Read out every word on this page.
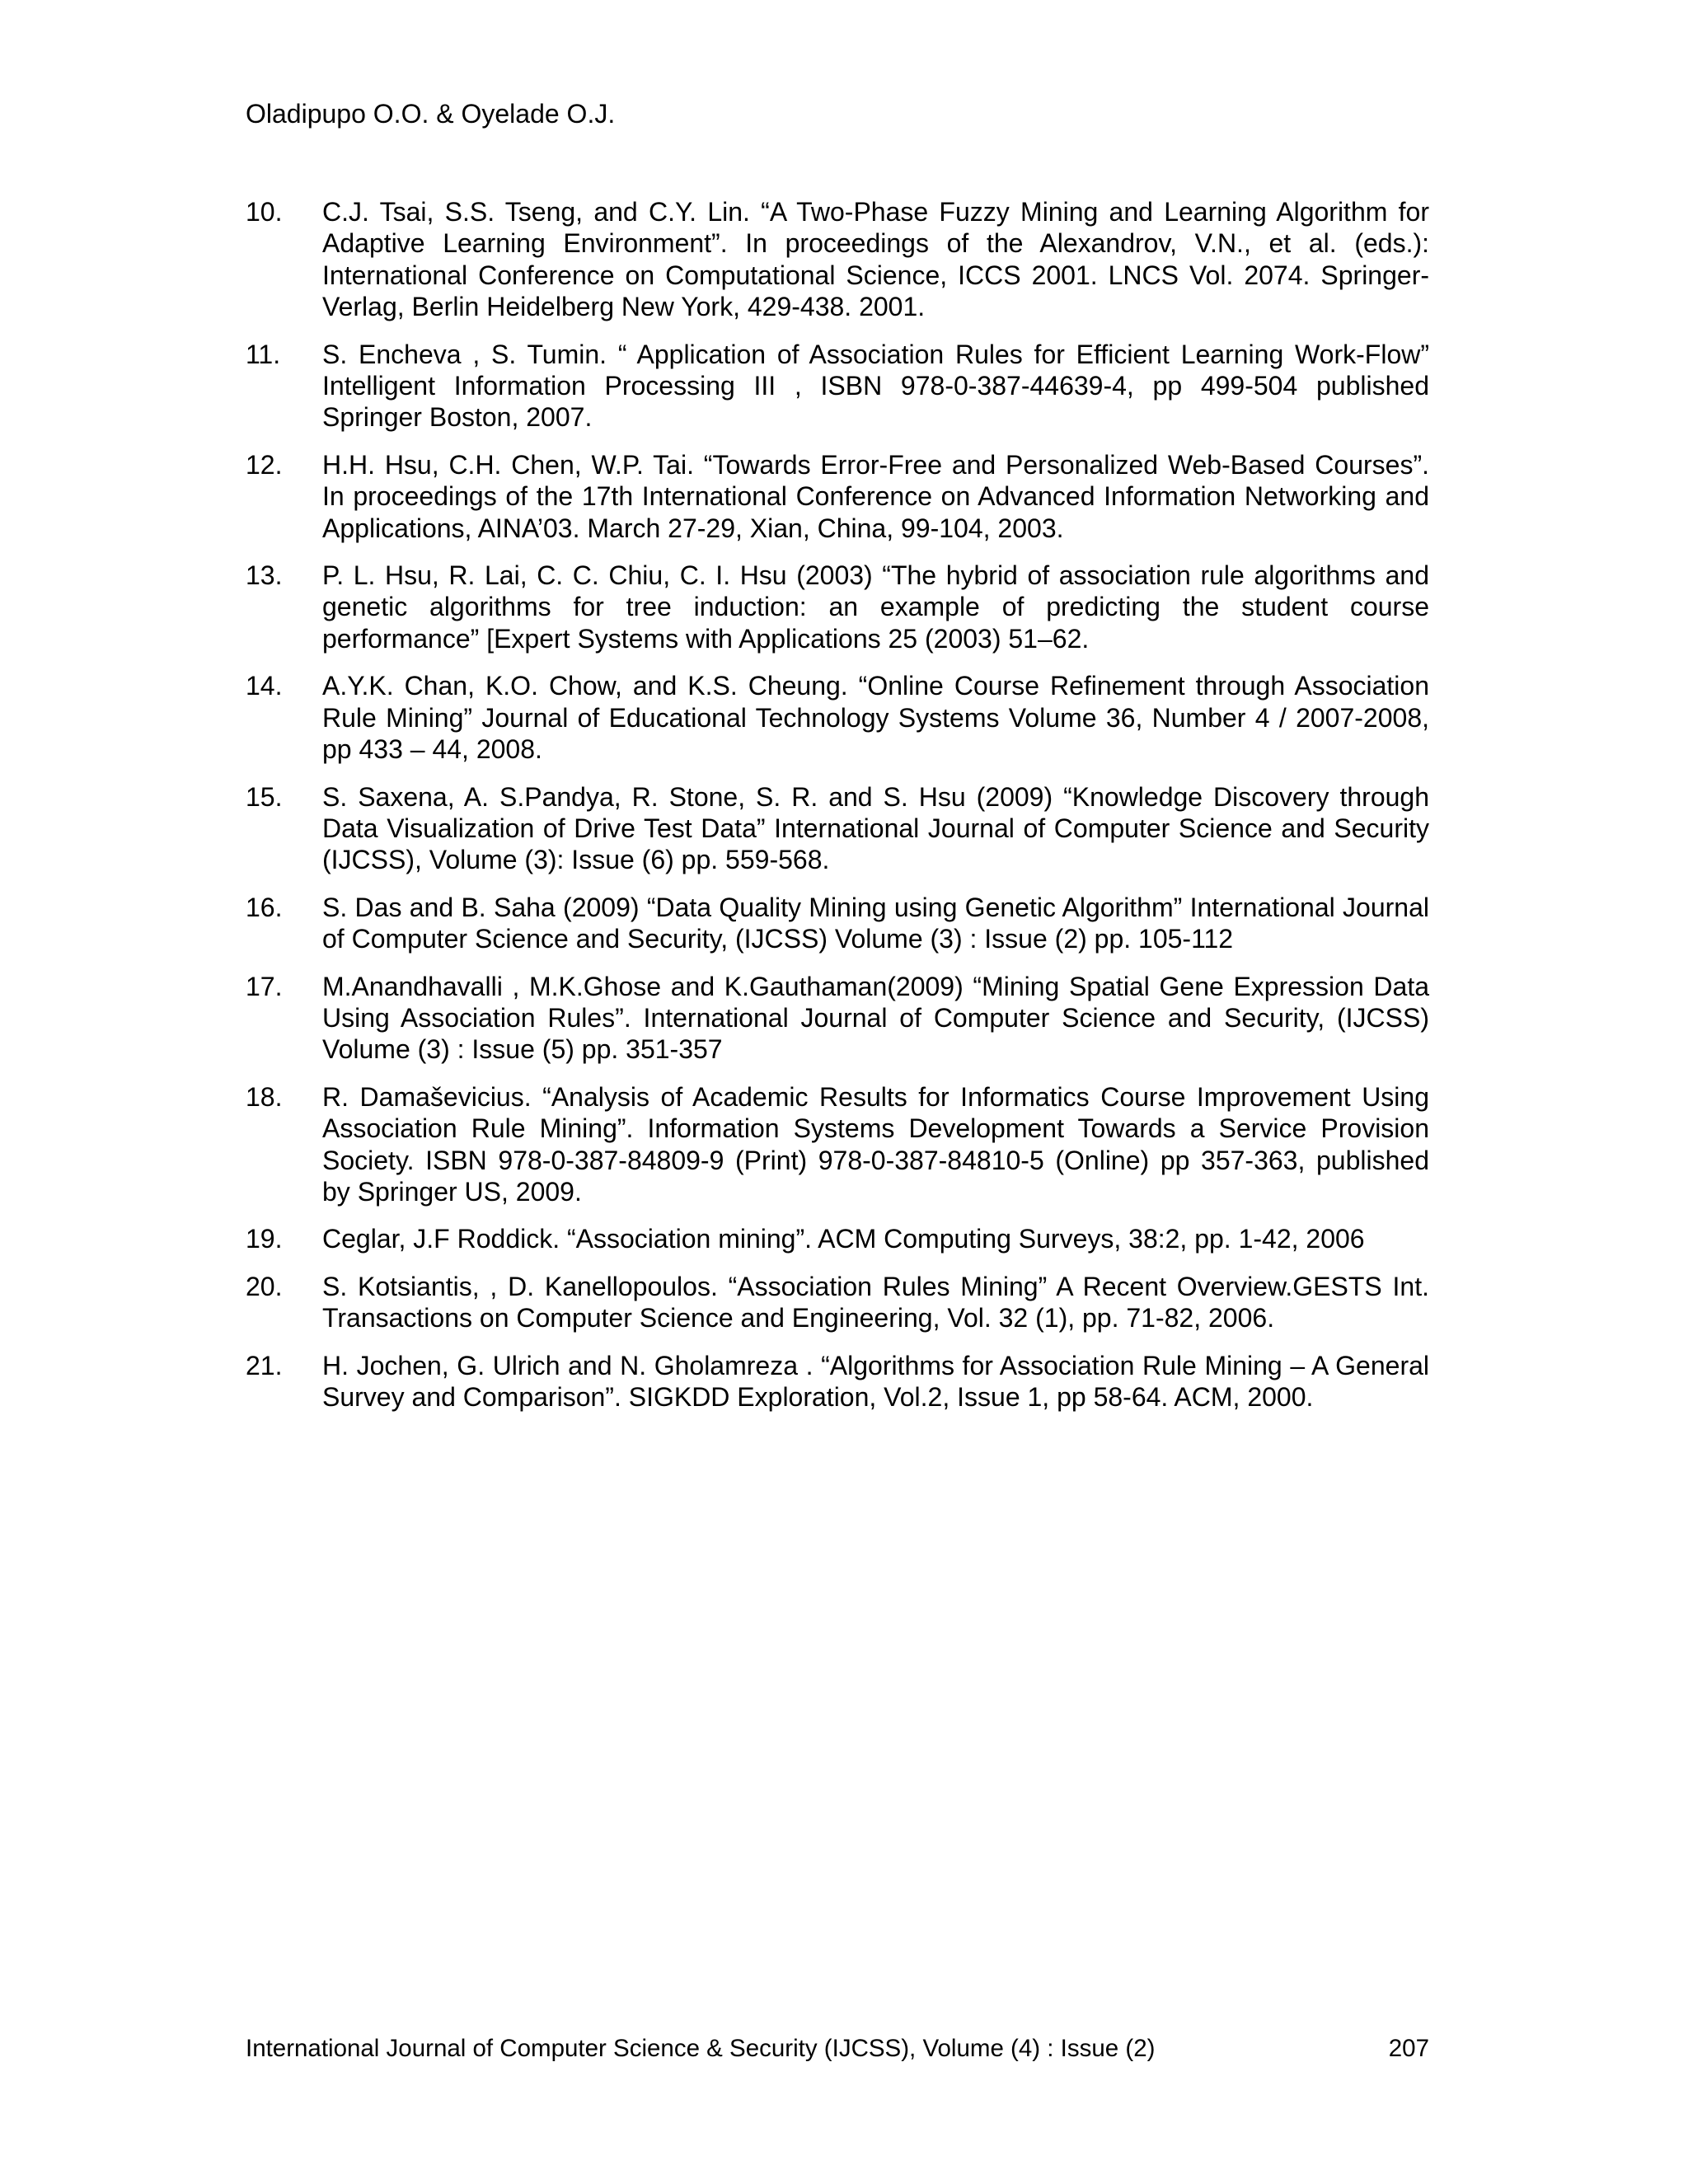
Oladipupo O.O. & Oyelade O.J.
10.	C.J. Tsai, S.S. Tseng, and C.Y. Lin. “A Two-Phase Fuzzy Mining and Learning Algorithm for Adaptive Learning Environment”. In proceedings of the Alexandrov, V.N., et al. (eds.): International Conference on Computational Science, ICCS 2001. LNCS Vol. 2074. Springer-Verlag, Berlin Heidelberg New York, 429-438. 2001.
11.	S. Encheva , S. Tumin. “ Application of Association Rules for Efficient Learning Work-Flow” Intelligent Information Processing III , ISBN 978-0-387-44639-4, pp 499-504 published Springer Boston, 2007.
12.	H.H. Hsu, C.H. Chen, W.P. Tai. “Towards Error-Free and Personalized Web-Based Courses”. In proceedings of the 17th International Conference on Advanced Information Networking and Applications, AINA’03. March 27-29, Xian, China, 99-104, 2003.
13.	P. L. Hsu, R. Lai, C. C. Chiu, C. I. Hsu (2003) “The hybrid of association rule algorithms and genetic algorithms for tree induction: an example of predicting the student course performance” [Expert Systems with Applications 25 (2003) 51–62.
14.	A.Y.K. Chan, K.O. Chow, and K.S. Cheung. “Online Course Refinement through Association Rule Mining” Journal of Educational Technology Systems Volume 36, Number 4 / 2007-2008, pp 433 – 44, 2008.
15.	S. Saxena, A. S.Pandya, R. Stone, S. R. and S. Hsu (2009) “Knowledge Discovery through Data Visualization of Drive Test Data” International Journal of Computer Science and Security (IJCSS), Volume (3): Issue (6) pp. 559-568.
16.	S. Das and B. Saha (2009) “Data Quality Mining using Genetic Algorithm” International Journal of Computer Science and Security, (IJCSS) Volume (3) : Issue (2) pp. 105-112
17.	M.Anandhavalli , M.K.Ghose and K.Gauthaman(2009) “Mining Spatial Gene Expression Data Using Association Rules”. International Journal of Computer Science and Security, (IJCSS) Volume (3) : Issue (5) pp. 351-357
18.	R. Damaševicius. “Analysis of Academic Results for Informatics Course Improvement Using Association Rule Mining”. Information Systems Development Towards a Service Provision Society. ISBN 978-0-387-84809-9 (Print) 978-0-387-84810-5 (Online) pp 357-363, published by Springer US, 2009.
19.	Ceglar, J.F Roddick. “Association mining”. ACM Computing Surveys, 38:2, pp. 1-42, 2006
20.	S. Kotsiantis, , D. Kanellopoulos. “Association Rules Mining” A Recent Overview.GESTS Int. Transactions on Computer Science and Engineering, Vol. 32 (1), pp. 71-82, 2006.
21.	H. Jochen, G. Ulrich and N. Gholamreza . “Algorithms for Association Rule Mining – A General Survey and Comparison”. SIGKDD Exploration, Vol.2, Issue 1, pp 58-64. ACM, 2000.
International Journal of Computer Science & Security (IJCSS), Volume (4) : Issue (2)	207
